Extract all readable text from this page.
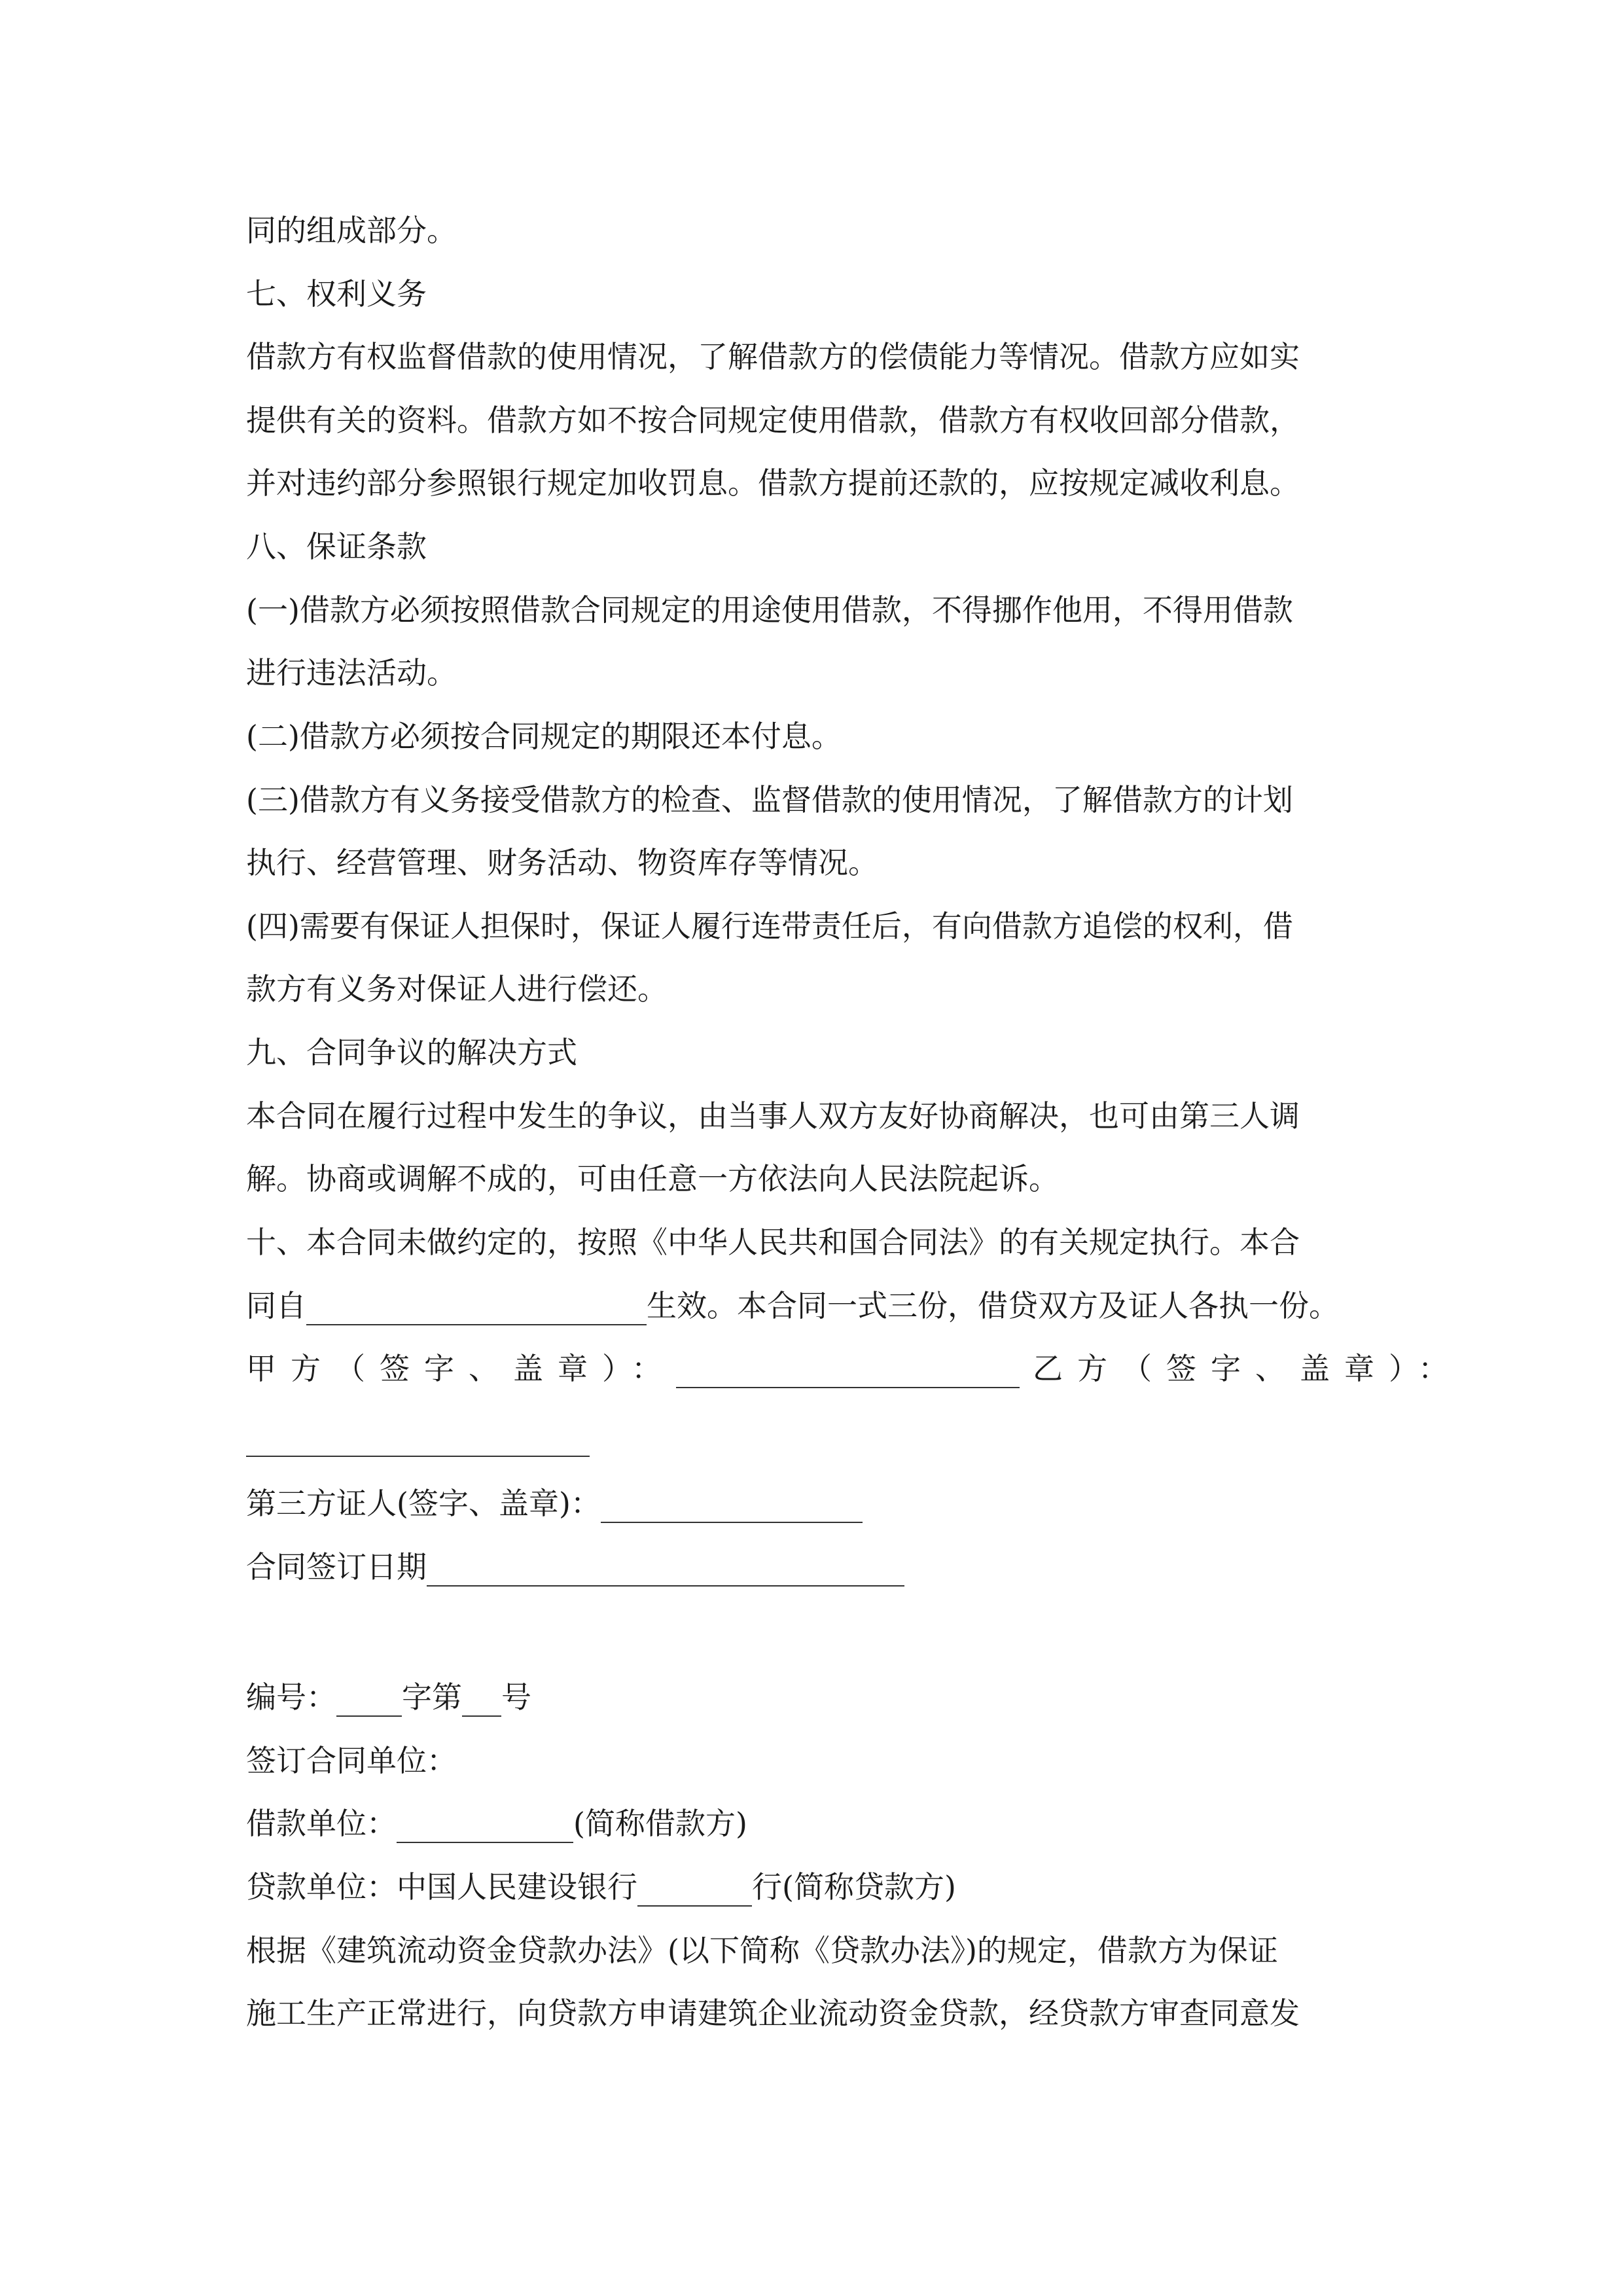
同的组成部分。
七、权利义务
借款方有权监督借款的使用情况，了解借款方的偿债能力等情况。借款方应如实
提供有关的资料。借款方如不按合同规定使用借款，借款方有权收回部分借款，
并对违约部分参照银行规定加收罚息。借款方提前还款的，应按规定减收利息。
八、保证条款
(一)借款方必须按照借款合同规定的用途使用借款，不得挪作他用，不得用借款
进行违法活动。
(二)借款方必须按合同规定的期限还本付息。
(三)借款方有义务接受借款方的检查、监督借款的使用情况，了解借款方的计划
执行、经营管理、财务活动、物资库存等情况。
(四)需要有保证人担保时，保证人履行连带责任后，有向借款方追偿的权利，借
款方有义务对保证人进行偿还。
九、合同争议的解决方式
本合同在履行过程中发生的争议，由当事人双方友好协商解决，也可由第三人调
解。协商或调解不成的，可由任意一方依法向人民法院起诉。
十、本合同未做约定的，按照《中华人民共和国合同法》的有关规定执行。本合
同自	生效。本合同一式三份，借贷双方及证人各执一份。
甲方（签字、盖章）：	乙方（签字、盖章）：
第三方证人(签字、盖章)：
合同签订日期
编号： 字第 号
签订合同单位：
借款单位：	(简称借款方)
贷款单位：中国人民建设银行	行(简称贷款方)
根据《建筑流动资金贷款办法》(以下简称《贷款办法》)的规定，借款方为保证
施工生产正常进行，向贷款方申请建筑企业流动资金贷款，经贷款方审查同意发
